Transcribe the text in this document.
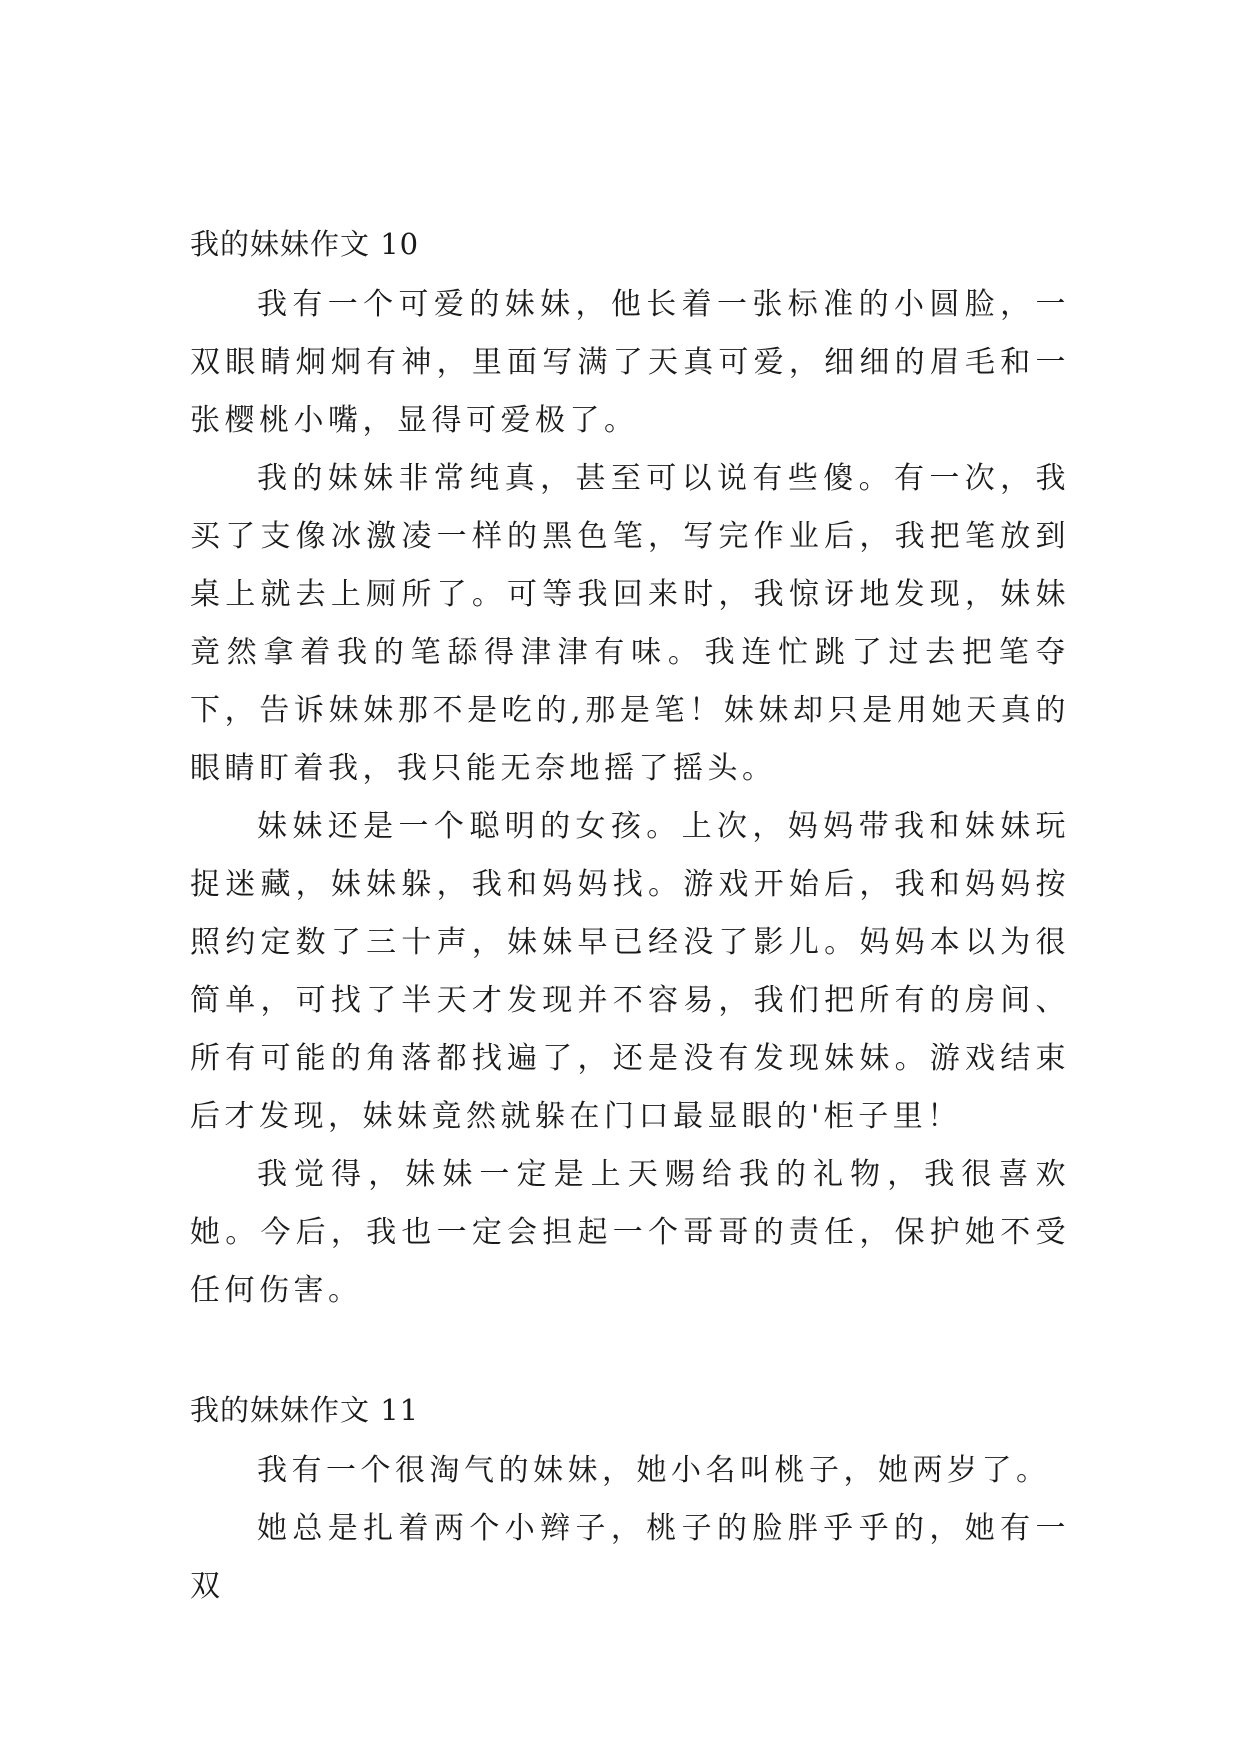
我的妹妹作文 10

我有一个可爱的妹妹，他长着一张标准的小圆脸，一双眼睛炯炯有神，里面写满了天真可爱，细细的眉毛和一张樱桃小嘴，显得可爱极了。

我的妹妹非常纯真，甚至可以说有些傻。有一次，我买了支像冰激凌一样的黑色笔，写完作业后，我把笔放到桌上就去上厕所了。可等我回来时，我惊讶地发现，妹妹竟然拿着我的笔舔得津津有味。我连忙跳了过去把笔夺下，告诉妹妹那不是吃的,那是笔！妹妹却只是用她天真的眼睛盯着我，我只能无奈地摇了摇头。

妹妹还是一个聪明的女孩。上次，妈妈带我和妹妹玩捉迷藏，妹妹躲，我和妈妈找。游戏开始后，我和妈妈按照约定数了三十声，妹妹早已经没了影儿。妈妈本以为很简单，可找了半天才发现并不容易，我们把所有的房间、所有可能的角落都找遍了，还是没有发现妹妹。游戏结束后才发现，妹妹竟然就躲在门口最显眼的'柜子里！

我觉得，妹妹一定是上天赐给我的礼物，我很喜欢她。今后，我也一定会担起一个哥哥的责任，保护她不受任何伤害。

我的妹妹作文 11

我有一个很淘气的妹妹，她小名叫桃子，她两岁了。

她总是扎着两个小辫子，桃子的脸胖乎乎的，她有一双
